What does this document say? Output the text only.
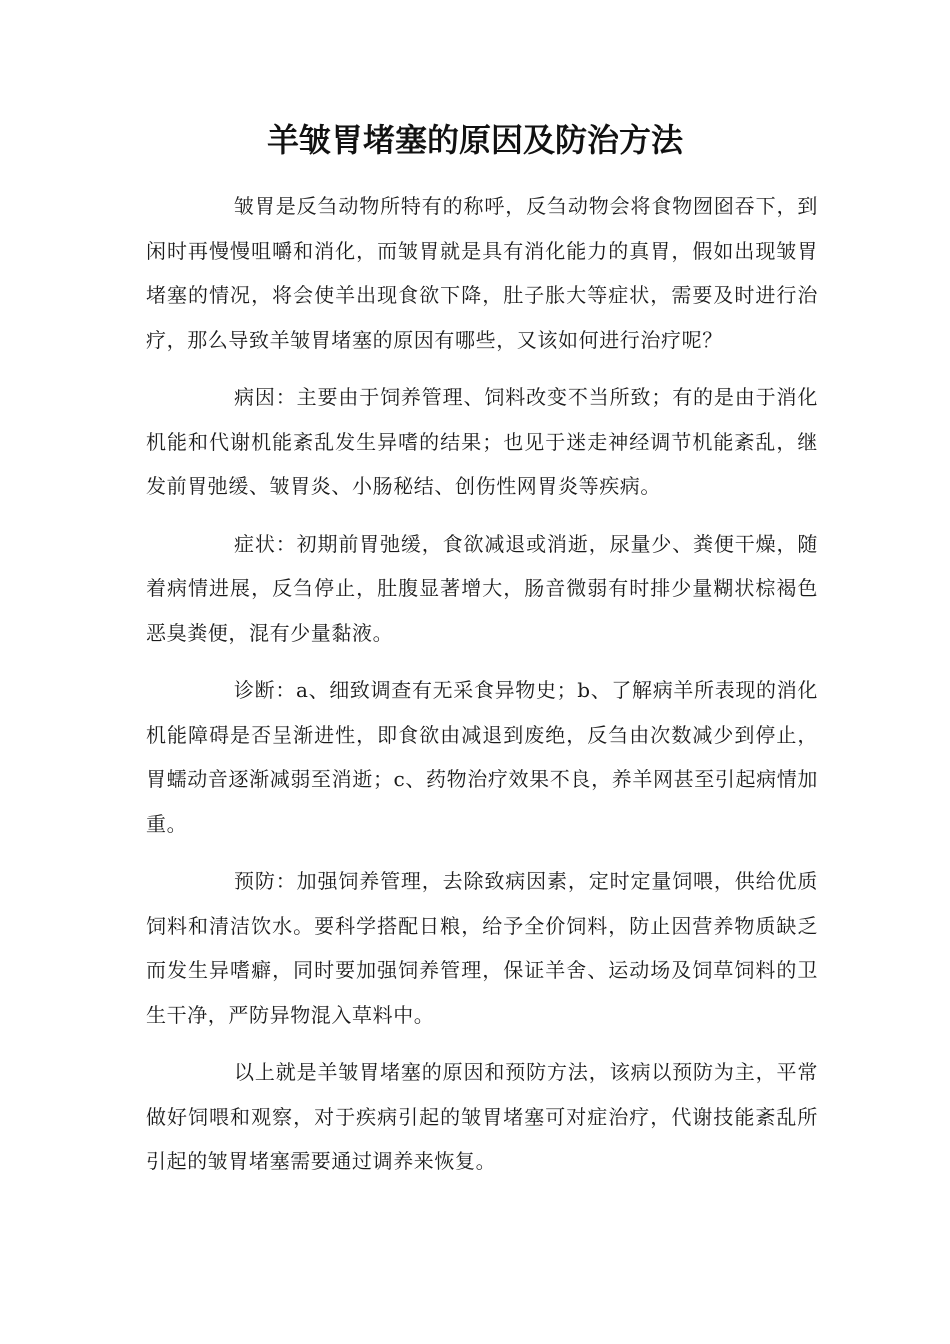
羊皱胃堵塞的原因及防治方法

皱胃是反刍动物所特有的称呼，反刍动物会将食物囫囵吞下，到闲时再慢慢咀嚼和消化，而皱胃就是具有消化能力的真胃，假如出现皱胃堵塞的情况，将会使羊出现食欲下降，肚子胀大等症状，需要及时进行治疗，那么导致羊皱胃堵塞的原因有哪些，又该如何进行治疗呢？

病因：主要由于饲养管理、饲料改变不当所致；有的是由于消化机能和代谢机能紊乱发生异嗜的结果；也见于迷走神经调节机能紊乱，继发前胃弛缓、皱胃炎、小肠秘结、创伤性网胃炎等疾病。

症状：初期前胃弛缓，食欲减退或消逝，尿量少、粪便干燥，随着病情进展，反刍停止，肚腹显著增大，肠音微弱有时排少量糊状棕褐色恶臭粪便，混有少量黏液。

诊断：a、细致调查有无采食异物史；b、了解病羊所表现的消化机能障碍是否呈渐进性，即食欲由减退到废绝，反刍由次数减少到停止，胃蠕动音逐渐减弱至消逝；c、药物治疗效果不良，养羊网甚至引起病情加重。

预防：加强饲养管理，去除致病因素，定时定量饲喂，供给优质饲料和清洁饮水。要科学搭配日粮，给予全价饲料，防止因营养物质缺乏而发生异嗜癖，同时要加强饲养管理，保证羊舍、运动场及饲草饲料的卫生干净，严防异物混入草料中。

以上就是羊皱胃堵塞的原因和预防方法，该病以预防为主，平常做好饲喂和观察，对于疾病引起的皱胃堵塞可对症治疗，代谢技能紊乱所引起的皱胃堵塞需要通过调养来恢复。
